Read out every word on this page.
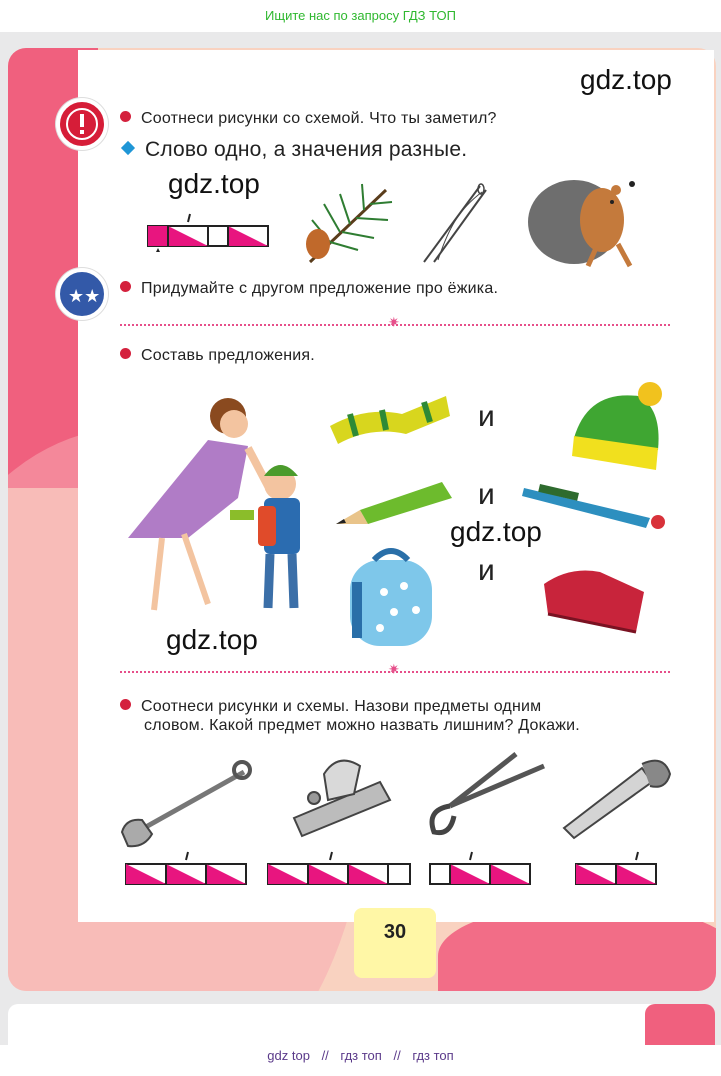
Ищите нас по запросу ГДЗ ТОП
gdz.top
Соотнеси рисунки со схемой. Что ты заметил?
Слово одно, а значения разные.
gdz.top
★★	Придумайте с другом предложение про ёжика.
✷
Составь предложения.
и
и
gdz.top
и
gdz.top
✷
Соотнеси рисунки и схемы. Назови предметы одним
словом. Какой предмет можно назвать лишним? Докажи.
30
gdz top // гдз топ // гдз топ
